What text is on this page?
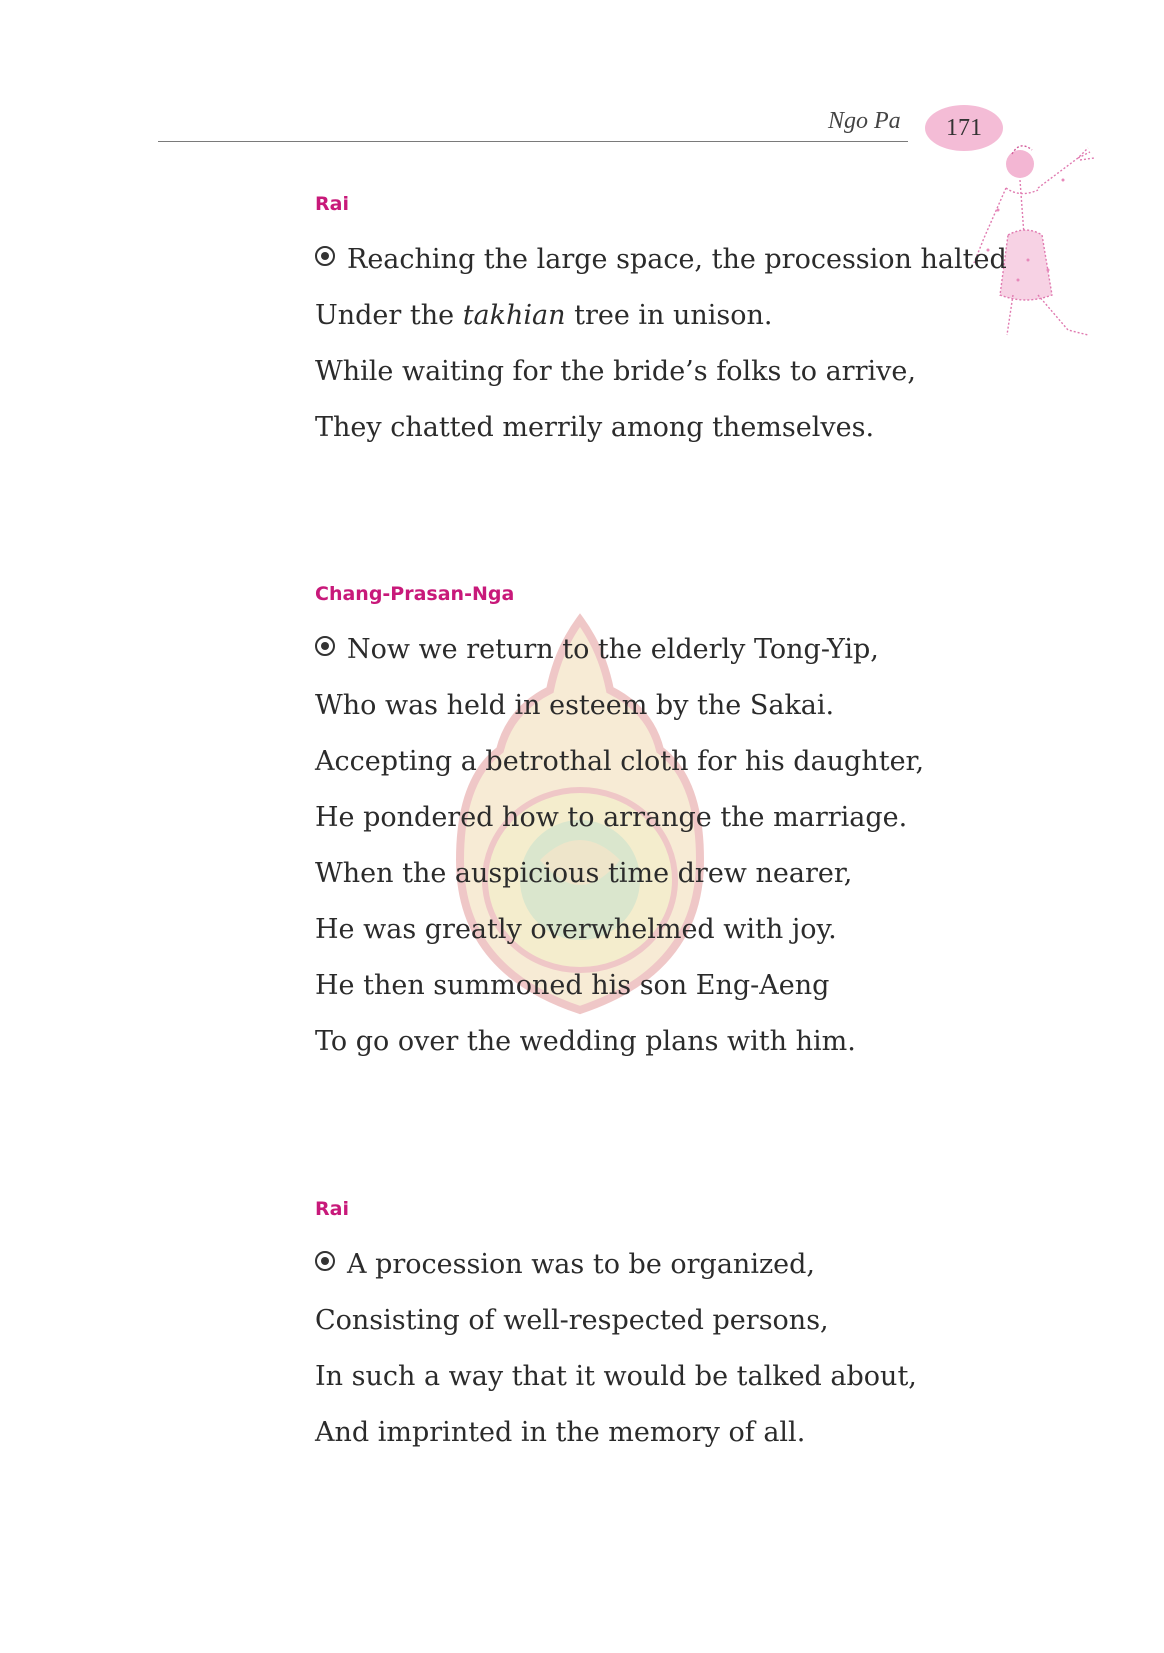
Ngo Pa 171
Rai
Reaching the large space, the procession halted
Under the takhian tree in unison.
While waiting for the bride’s folks to arrive,
They chatted merrily among themselves.
Chang-Prasan-Nga
Now we return to the elderly Tong-Yip,
Who was held in esteem by the Sakai.
Accepting a betrothal cloth for his daughter,
He pondered how to arrange the marriage.
When the auspicious time drew nearer,
He was greatly overwhelmed with joy.
He then summoned his son Eng-Aeng
To go over the wedding plans with him.
Rai
A procession was to be organized,
Consisting of well-respected persons,
In such a way that it would be talked about,
And imprinted in the memory of all.
